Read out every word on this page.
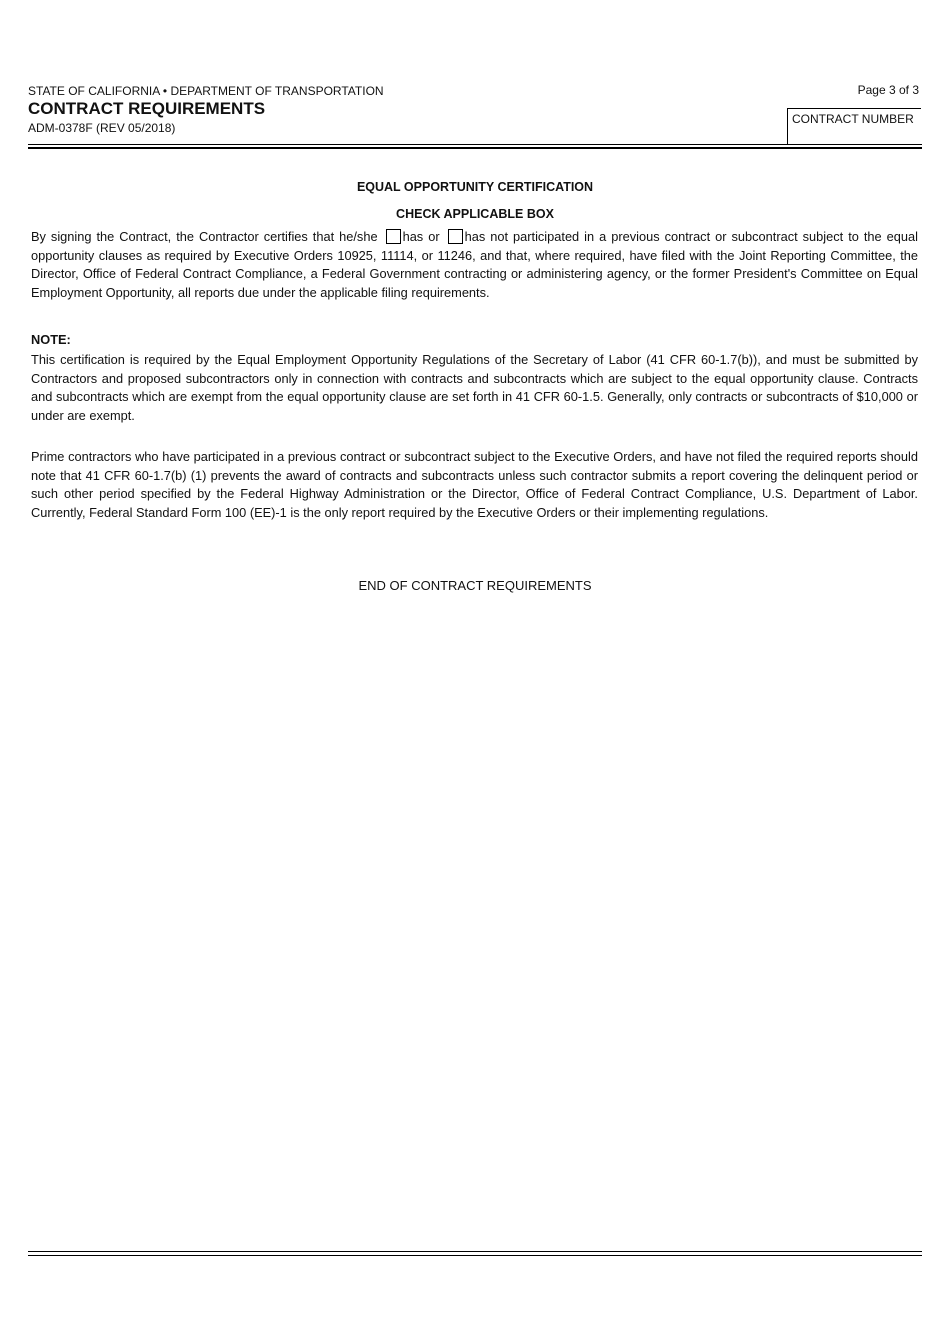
STATE OF CALIFORNIA • DEPARTMENT OF TRANSPORTATION
CONTRACT REQUIREMENTS
ADM-0378F (REV 05/2018)
Page 3 of 3
CONTRACT NUMBER
EQUAL OPPORTUNITY CERTIFICATION
CHECK APPLICABLE BOX
By signing the Contract, the Contractor certifies that he/she has or has not participated in a previous contract or subcontract subject to the equal opportunity clauses as required by Executive Orders 10925, 11114, or 11246, and that, where required, have filed with the Joint Reporting Committee, the Director, Office of Federal Contract Compliance, a Federal Government contracting or administering agency, or the former President's Committee on Equal Employment Opportunity, all reports due under the applicable filing requirements.
NOTE:
This certification is required by the Equal Employment Opportunity Regulations of the Secretary of Labor (41 CFR 60-1.7(b)), and must be submitted by Contractors and proposed subcontractors only in connection with contracts and subcontracts which are subject to the equal opportunity clause. Contracts and subcontracts which are exempt from the equal opportunity clause are set forth in 41 CFR 60-1.5. Generally, only contracts or subcontracts of $10,000 or under are exempt.
Prime contractors who have participated in a previous contract or subcontract subject to the Executive Orders, and have not filed the required reports should note that 41 CFR 60-1.7(b) (1) prevents the award of contracts and subcontracts unless such contractor submits a report covering the delinquent period or such other period specified by the Federal Highway Administration or the Director, Office of Federal Contract Compliance, U.S. Department of Labor. Currently, Federal Standard Form 100 (EE)-1 is the only report required by the Executive Orders or their implementing regulations.
END OF CONTRACT REQUIREMENTS
